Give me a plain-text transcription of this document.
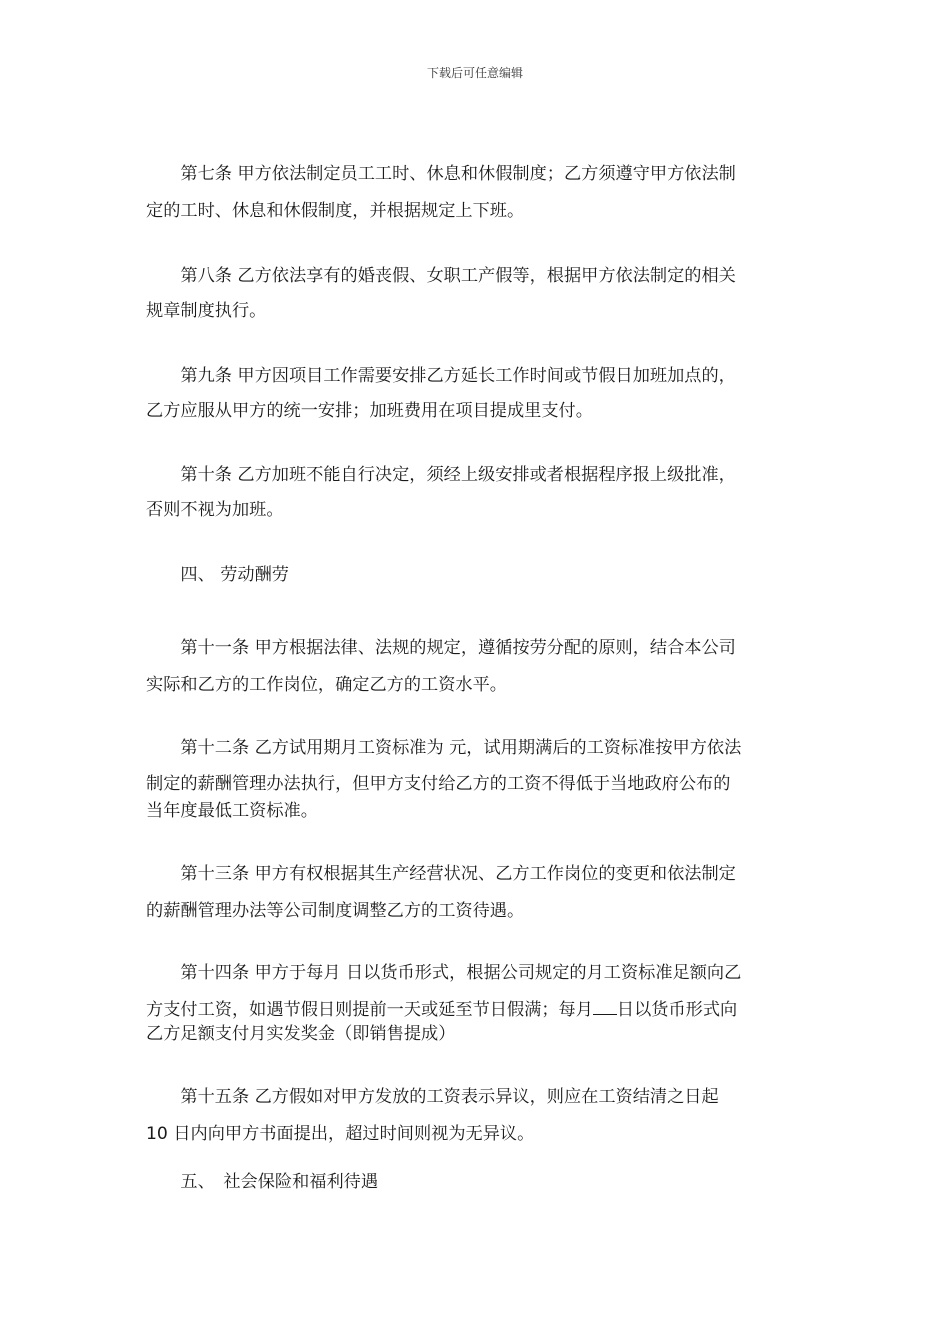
下载后可任意编辑
　　第七条 甲方依法制定员工工时、休息和休假制度；乙方须遵守甲方依法制
定的工时、休息和休假制度，并根据规定上下班。
　　第八条 乙方依法享有的婚丧假、女职工产假等，根据甲方依法制定的相关
规章制度执行。
　　第九条 甲方因项目工作需要安排乙方延长工作时间或节假日加班加点的，
乙方应服从甲方的统一安排；加班费用在项目提成里支付。
　　第十条 乙方加班不能自行决定，须经上级安排或者根据程序报上级批准，
否则不视为加班。
　　四、 劳动酬劳
　　第十一条 甲方根据法律、法规的规定，遵循按劳分配的原则，结合本公司
实际和乙方的工作岗位，确定乙方的工资水平。
　　第十二条 乙方试用期月工资标准为 元，试用期满后的工资标准按甲方依法
制定的薪酬管理办法执行，但甲方支付给乙方的工资不得低于当地政府公布的
当年度最低工资标准。
　　第十三条 甲方有权根据其生产经营状况、乙方工作岗位的变更和依法制定
的薪酬管理办法等公司制度调整乙方的工资待遇。
　　第十四条 甲方于每月 日以货币形式，根据公司规定的月工资标准足额向乙
方支付工资，如遇节假日则提前一天或延至节日假满；每月 日以货币形式向
乙方足额支付月实发奖金（即销售提成）
　　第十五条 乙方假如对甲方发放的工资表示异议，则应在工资结清之日起
10 日内向甲方书面提出，超过时间则视为无异议。
　　五、　社会保险和福利待遇
